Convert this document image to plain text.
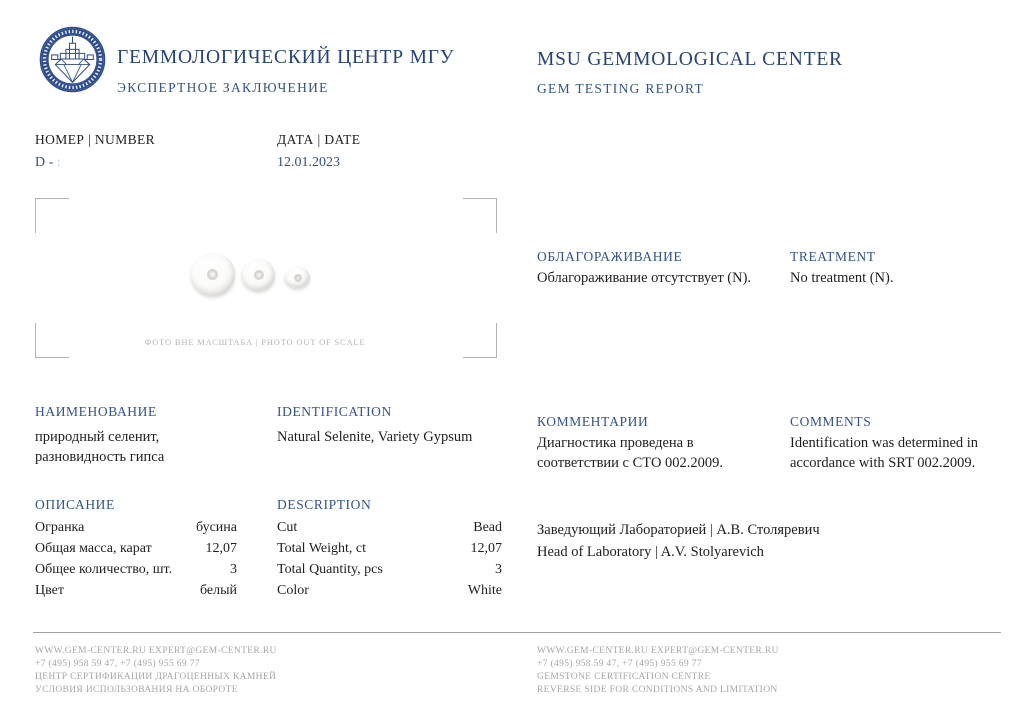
ГЕММОЛОГИЧЕСКИЙ ЦЕНТР МГУ
ЭКСПЕРТНОЕ ЗАКЛЮЧЕНИЕ
MSU GEMMOLOGICAL CENTER
GEM TESTING REPORT
НОМЕР | NUMBER
D - :
ДАТА | DATE
12.01.2023
ФОТО ВНЕ МАСШТАБА | PHOTO OUT OF SCALE
ОБЛАГОРАЖИВАНИЕ	TREATMENT
Облагораживание отсутствует (N).	No treatment (N).
НАИМЕНОВАНИЕ	IDENTIFICATION
природный селенит, разновидность гипса
Natural Selenite, Variety Gypsum
КОММЕНТАРИИ	COMMENTS
Диагностика проведена в соответствии с СТО 002.2009.
Identification was determined in accordance with SRT 002.2009.
ОПИСАНИЕ	DESCRIPTION
Огранка	бусина
Общая масса, карат	12,07
Общее количество, шт.	3
Цвет	белый
Cut	Bead
Total Weight, ct	12,07
Total Quantity, pcs	3
Color	White
Заведующий Лабораторией | А.В. Столяревич
Head of Laboratory | A.V. Stolyarevich
WWW.GEM-CENTER.RU EXPERT@GEM-CENTER.RU
+7 (495) 958 59 47, +7 (495) 955 69 77
ЦЕНТР СЕРТИФИКАЦИИ ДРАГОЦЕННЫХ КАМНЕЙ
УСЛОВИЯ ИСПОЛЬЗОВАНИЯ НА ОБОРОТЕ
WWW.GEM-CENTER.RU EXPERT@GEM-CENTER.RU
+7 (495) 958 59 47, +7 (495) 955 69 77
GEMSTONE CERTIFICATION CENTRE
REVERSE SIDE FOR CONDITIONS AND LIMITATION
